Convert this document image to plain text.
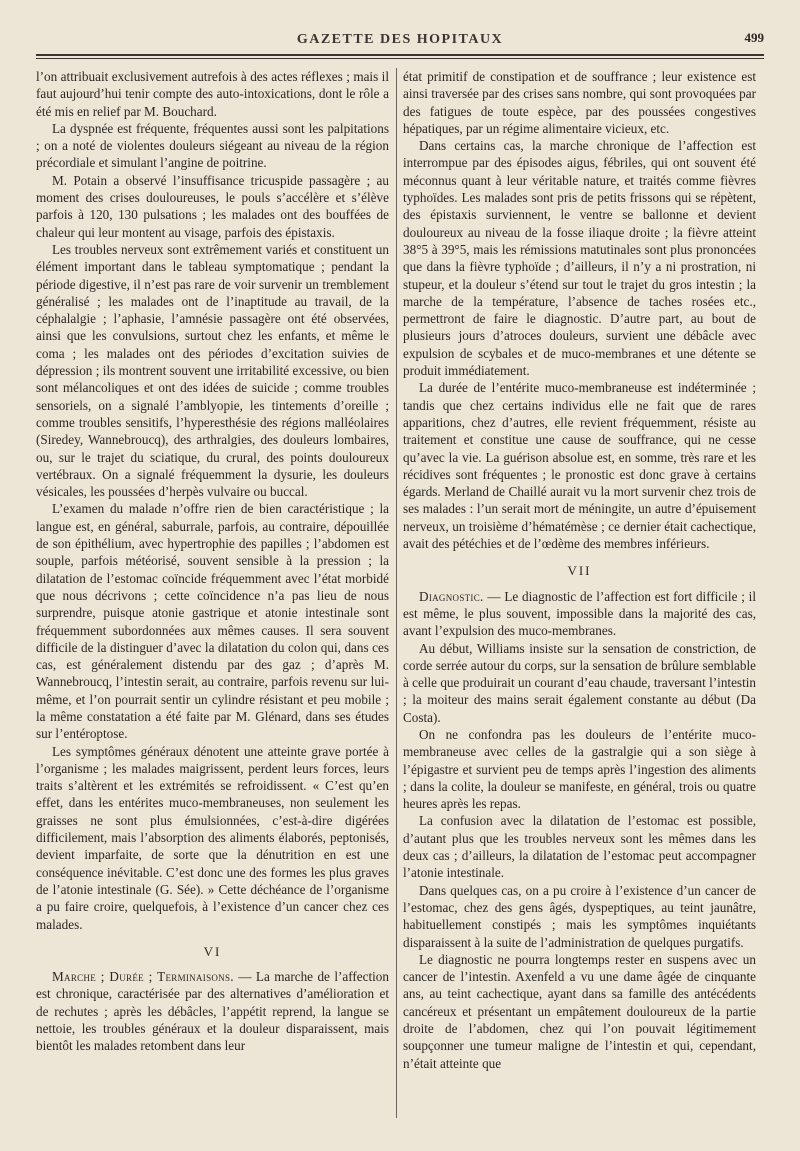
GAZETTE DES HOPITAUX	499

l’on attribuait exclusivement autrefois à des actes réflexes ; mais il faut aujourd’hui tenir compte des auto-intoxications, dont le rôle a été mis en relief par M. Bouchard.

La dyspnée est fréquente, fréquentes aussi sont les palpitations ; on a noté de violentes douleurs siégeant au niveau de la région précordiale et simulant l’angine de poitrine.

M. Potain a observé l’insuffisance tricuspide passagère ; au moment des crises douloureuses, le pouls s’accélère et s’élève parfois à 120, 130 pulsations ; les malades ont des bouffées de chaleur qui leur montent au visage, parfois des épistaxis.

Les troubles nerveux sont extrêmement variés et constituent un élément important dans le tableau symptomatique ; pendant la période digestive, il n’est pas rare de voir survenir un tremblement généralisé ; les malades ont de l’inaptitude au travail, de la céphalalgie ; l’aphasie, l’amnésie passagère ont été observées, ainsi que les convulsions, surtout chez les enfants, et même le coma ; les malades ont des périodes d’excitation suivies de dépression ; ils montrent souvent une irritabilité excessive, ou bien sont mélancoliques et ont des idées de suicide ; comme troubles sensoriels, on a signalé l’amblyopie, les tintements d’oreille ; comme troubles sensitifs, l’hyperesthésie des régions malléolaires (Siredey, Wannebroucq), des arthralgies, des douleurs lombaires, ou, sur le trajet du sciatique, du crural, des points douloureux vertébraux. On a signalé fréquemment la dysurie, les douleurs vésicales, les poussées d’herpès vulvaire ou buccal.

L’examen du malade n’offre rien de bien caractéristique ; la langue est, en général, saburrale, parfois, au contraire, dépouillée de son épithélium, avec hypertrophie des papilles ; l’abdomen est souple, parfois météorisé, souvent sensible à la pression ; la dilatation de l’estomac coïncide fréquemment avec l’état morbidé que nous décrivons ; cette coïncidence n’a pas lieu de nous surprendre, puisque atonie gastrique et atonie intestinale sont fréquemment subordonnées aux mêmes causes. Il sera souvent difficile de la distinguer d’avec la dilatation du colon qui, dans ces cas, est généralement distendu par des gaz ; d’après M. Wannebroucq, l’intestin serait, au contraire, parfois revenu sur lui-même, et l’on pourrait sentir un cylindre résistant et peu mobile ; la même constatation a été faite par M. Glénard, dans ses études sur l’entéroptose.

Les symptômes généraux dénotent une atteinte grave portée à l’organisme ; les malades maigrissent, perdent leurs forces, leurs traits s’altèrent et les extrémités se refroidissent. « C’est qu’en effet, dans les entérites muco-membraneuses, non seulement les graisses ne sont plus émulsionnées, c’est-à-dire digérées difficilement, mais l’absorption des aliments élaborés, peptonisés, devient imparfaite, de sorte que la dénutrition en est une conséquence inévitable. C’est donc une des formes les plus graves de l’atonie intestinale (G. Sée). » Cette déchéance de l’organisme a pu faire croire, quelquefois, à l’existence d’un cancer chez ces malades.

VI

Marche ; Durée ; Terminaisons. — La marche de l’affection est chronique, caractérisée par des alternatives d’amélioration et de rechutes ; après les débâcles, l’appétit reprend, la langue se nettoie, les troubles généraux et la douleur disparaissent, mais bientôt les malades retombent dans leur

état primitif de constipation et de souffrance ; leur existence est ainsi traversée par des crises sans nombre, qui sont provoquées par des fatigues de toute espèce, par des poussées congestives hépatiques, par un régime alimentaire vicieux, etc.

Dans certains cas, la marche chronique de l’affection est interrompue par des épisodes aigus, fébriles, qui ont souvent été méconnus quant à leur véritable nature, et traités comme fièvres typhoïdes. Les malades sont pris de petits frissons qui se répètent, des épistaxis surviennent, le ventre se ballonne et devient douloureux au niveau de la fosse iliaque droite ; la fièvre atteint 38°5 à 39°5, mais les rémissions matutinales sont plus prononcées que dans la fièvre typhoïde ; d’ailleurs, il n’y a ni prostration, ni stupeur, et la douleur s’étend sur tout le trajet du gros intestin ; la marche de la température, l’absence de taches rosées etc., permettront de faire le diagnostic. D’autre part, au bout de plusieurs jours d’atroces douleurs, survient une débâcle avec expulsion de scybales et de muco-membranes et une détente se produit immédiatement.

La durée de l’entérite muco-membraneuse est indéterminée ; tandis que chez certains individus elle ne fait que de rares apparitions, chez d’autres, elle revient fréquemment, résiste au traitement et constitue une cause de souffrance, qui ne cesse qu’avec la vie. La guérison absolue est, en somme, très rare et les récidives sont fréquentes ; le pronostic est donc grave à certains égards. Merland de Chaillé aurait vu la mort survenir chez trois de ses malades : l’un serait mort de méningite, un autre d’épuisement nerveux, un troisième d’hématémèse ; ce dernier était cachectique, avait des pétéchies et de l’œdème des membres inférieurs.

VII

Diagnostic. — Le diagnostic de l’affection est fort difficile ; il est même, le plus souvent, impossible dans la majorité des cas, avant l’expulsion des muco-membranes.

Au début, Williams insiste sur la sensation de constriction, de corde serrée autour du corps, sur la sensation de brûlure semblable à celle que produirait un courant d’eau chaude, traversant l’intestin ; la moiteur des mains serait également constante au début (Da Costa).

On ne confondra pas les douleurs de l’entérite muco-membraneuse avec celles de la gastralgie qui a son siège à l’épigastre et survient peu de temps après l’ingestion des aliments ; dans la colite, la douleur se manifeste, en général, trois ou quatre heures après les repas.

La confusion avec la dilatation de l’estomac est possible, d’autant plus que les troubles nerveux sont les mêmes dans les deux cas ; d’ailleurs, la dilatation de l’estomac peut accompagner l’atonie intestinale.

Dans quelques cas, on a pu croire à l’existence d’un cancer de l’estomac, chez des gens âgés, dyspeptiques, au teint jaunâtre, habituellement constipés ; mais les symptômes inquiétants disparaissent à la suite de l’administration de quelques purgatifs.

Le diagnostic ne pourra longtemps rester en suspens avec un cancer de l’intestin. Axenfeld a vu une dame âgée de cinquante ans, au teint cachectique, ayant dans sa famille des antécédents cancéreux et présentant un empâtement douloureux de la partie droite de l’abdomen, chez qui l’on pouvait légitimement soupçonner une tumeur maligne de l’intestin et qui, cependant, n’était atteinte que
